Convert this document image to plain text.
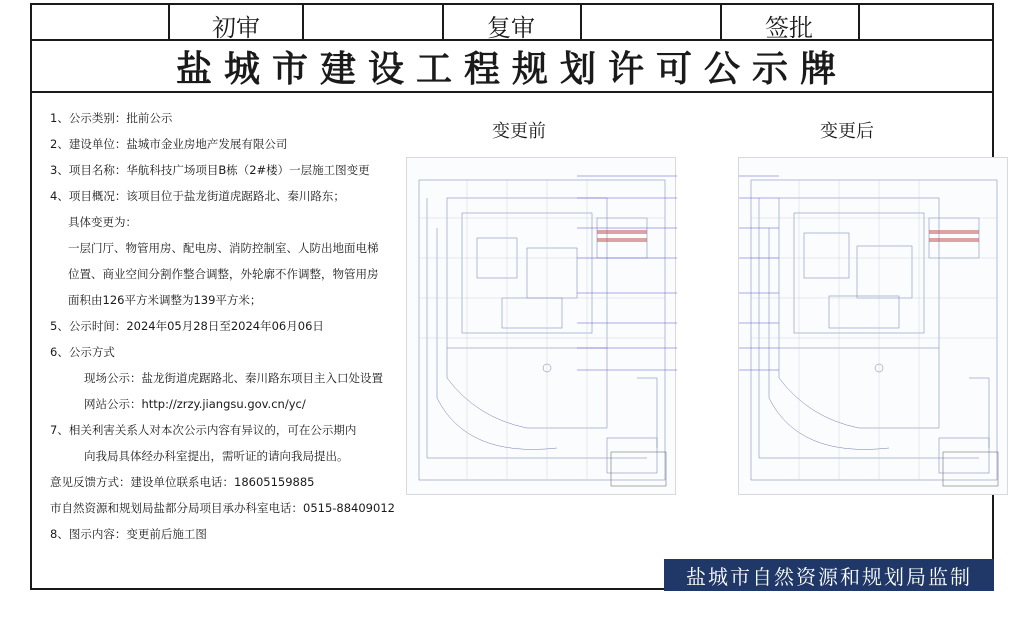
初审	复审	签批
盐城市建设工程规划许可公示牌
1、公示类别：批前公示
2、建设单位：盐城市金业房地产发展有限公司
3、项目名称：华航科技广场项目B栋（2#楼）一层施工图变更
4、项目概况：该项目位于盐龙街道虎踞路北、秦川路东；
具体变更为：
一层门厅、物管用房、配电房、消防控制室、人防出地面电梯
位置、商业空间分割作整合调整，外轮廓不作调整，物管用房
面积由126平方米调整为139平方米；
5、公示时间：2024年05月28日至2024年06月06日
6、公示方式
现场公示：盐龙街道虎踞路北、秦川路东项目主入口处设置
网站公示：http://zrzy.jiangsu.gov.cn/yc/
7、相关利害关系人对本次公示内容有异议的，可在公示期内
向我局具体经办科室提出，需听证的请向我局提出。
意见反馈方式：建设单位联系电话：18605159885
市自然资源和规划局盐都分局项目承办科室电话：0515-88409012
8、图示内容：变更前后施工图
变更前	变更后
盐城市自然资源和规划局监制
